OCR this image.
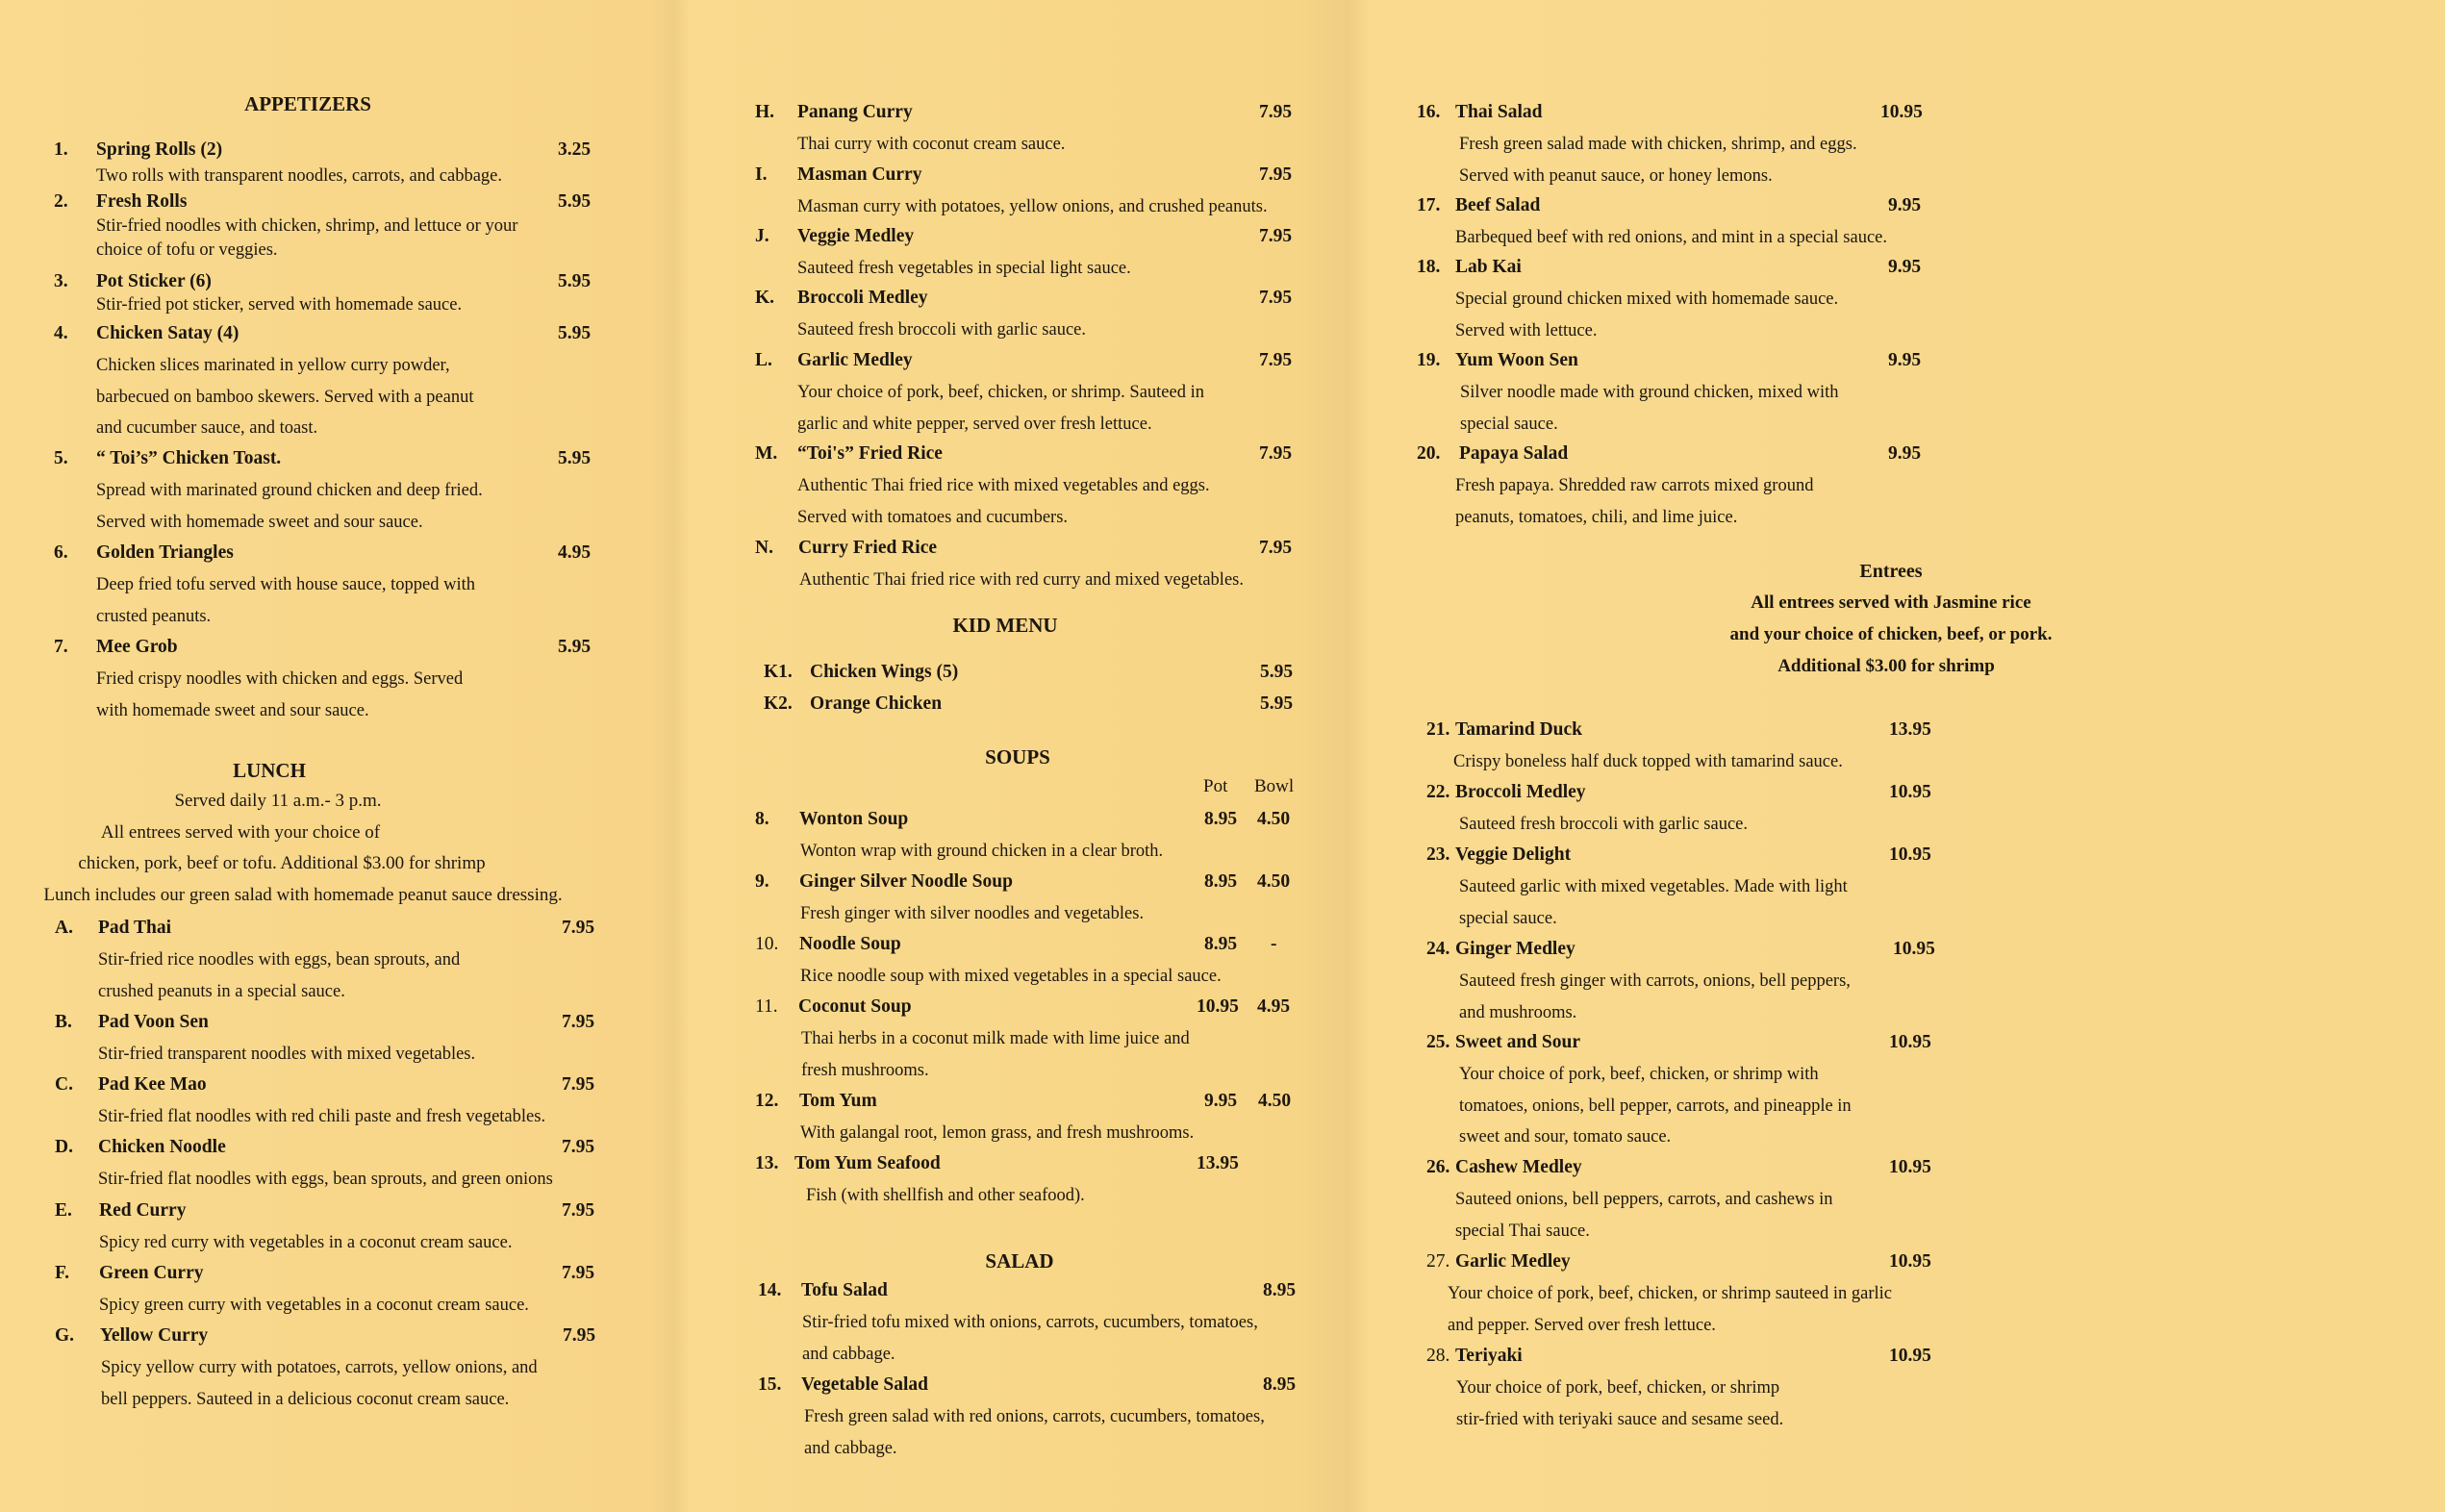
APPETIZERS
1. Spring Rolls (2)	3.25
Two rolls with transparent noodles, carrots, and cabbage.
2. Fresh Rolls	5.95
Stir-fried noodles with chicken, shrimp, and lettuce or your
choice of tofu or veggies.
3. Pot Sticker (6)	5.95
Stir-fried pot sticker, served with homemade sauce.
4. Chicken Satay (4)	5.95
Chicken slices marinated in yellow curry powder,
barbecued on bamboo skewers. Served with a peanut
and cucumber sauce, and toast.
5. “ Toi’s” Chicken Toast.	5.95
Spread with marinated ground chicken and deep fried.
Served with homemade sweet and sour sauce.
6. Golden Triangles	4.95
Deep fried tofu served with house sauce, topped with
crusted peanuts.
7. Mee Grob	5.95
Fried crispy noodles with chicken and eggs. Served
with homemade sweet and sour sauce.
LUNCH
Served daily 11 a.m.- 3 p.m.
All entrees served with your choice of
chicken, pork, beef or tofu. Additional $3.00 for shrimp
Lunch includes our green salad with homemade peanut sauce dressing.
A. Pad Thai	7.95
Stir-fried rice noodles with eggs, bean sprouts, and
crushed peanuts in a special sauce.
B. Pad Voon Sen	7.95
Stir-fried transparent noodles with mixed vegetables.
C. Pad Kee Mao	7.95
Stir-fried flat noodles with red chili paste and fresh vegetables.
D. Chicken Noodle	7.95
Stir-fried flat noodles with eggs, bean sprouts, and green onions
E. Red Curry	7.95
Spicy red curry with vegetables in a coconut cream sauce.
F. Green Curry	7.95
Spicy green curry with vegetables in a coconut cream sauce.
G. Yellow Curry	7.95
Spicy yellow curry with potatoes, carrots, yellow onions, and
bell peppers. Sauteed in a delicious coconut cream sauce.
H. Panang Curry	7.95
Thai curry with coconut cream sauce.
I. Masman Curry	7.95
Masman curry with potatoes, yellow onions, and crushed peanuts.
J. Veggie Medley	7.95
Sauteed fresh vegetables in special light sauce.
K. Broccoli Medley	7.95
Sauteed fresh broccoli with garlic sauce.
L. Garlic Medley	7.95
Your choice of pork, beef, chicken, or shrimp. Sauteed in
garlic and white pepper, served over fresh lettuce.
M. “Toi's” Fried Rice	7.95
Authentic Thai fried rice with mixed vegetables and eggs.
Served with tomatoes and cucumbers.
N. Curry Fried Rice	7.95
Authentic Thai fried rice with red curry and mixed vegetables.
KID MENU
K1. Chicken Wings (5)	5.95
K2. Orange Chicken	5.95
SOUPS
Pot Bowl
8. Wonton Soup	8.95 4.50
Wonton wrap with ground chicken in a clear broth.
9. Ginger Silver Noodle Soup	8.95 4.50
Fresh ginger with silver noodles and vegetables.
10. Noodle Soup	8.95 -
Rice noodle soup with mixed vegetables in a special sauce.
11. Coconut Soup	10.95 4.95
Thai herbs in a coconut milk made with lime juice and
fresh mushrooms.
12. Tom Yum	9.95 4.50
With galangal root, lemon grass, and fresh mushrooms.
13. Tom Yum Seafood	13.95
Fish (with shellfish and other seafood).
SALAD
14. Tofu Salad	8.95
Stir-fried tofu mixed with onions, carrots, cucumbers, tomatoes,
and cabbage.
15. Vegetable Salad	8.95
Fresh green salad with red onions, carrots, cucumbers, tomatoes,
and cabbage.
16. Thai Salad	10.95
Fresh green salad made with chicken, shrimp, and eggs.
Served with peanut sauce, or honey lemons.
17. Beef Salad	9.95
Barbequed beef with red onions, and mint in a special sauce.
18. Lab Kai	9.95
Special ground chicken mixed with homemade sauce.
Served with lettuce.
19. Yum Woon Sen	9.95
Silver noodle made with ground chicken, mixed with
special sauce.
20. Papaya Salad	9.95
Fresh papaya. Shredded raw carrots mixed ground
peanuts, tomatoes, chili, and lime juice.
Entrees
All entrees served with Jasmine rice
and your choice of chicken, beef, or pork.
Additional $3.00 for shrimp
21. Tamarind Duck	13.95
Crispy boneless half duck topped with tamarind sauce.
22. Broccoli Medley	10.95
Sauteed fresh broccoli with garlic sauce.
23. Veggie Delight	10.95
Sauteed garlic with mixed vegetables. Made with light
special sauce.
24. Ginger Medley	10.95
Sauteed fresh ginger with carrots, onions, bell peppers,
and mushrooms.
25. Sweet and Sour	10.95
Your choice of pork, beef, chicken, or shrimp with
tomatoes, onions, bell pepper, carrots, and pineapple in
sweet and sour, tomato sauce.
26. Cashew Medley	10.95
Sauteed onions, bell peppers, carrots, and cashews in
special Thai sauce.
27. Garlic Medley	10.95
Your choice of pork, beef, chicken, or shrimp sauteed in garlic
and pepper. Served over fresh lettuce.
28. Teriyaki	10.95
Your choice of pork, beef, chicken, or shrimp
stir-fried with teriyaki sauce and sesame seed.
